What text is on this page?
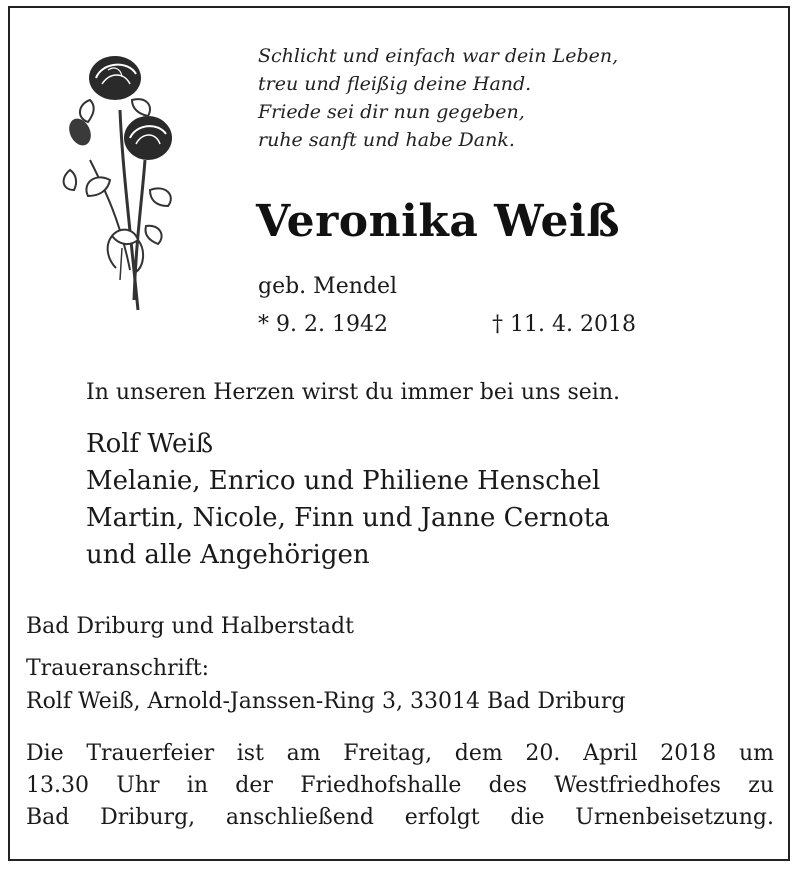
Schlicht und einfach war dein Leben,
treu und fleißig deine Hand.
Friede sei dir nun gegeben,
ruhe sanft und habe Dank.
Veronika Weiß
geb. Mendel
* 9. 2. 1942	† 11. 4. 2018
In unseren Herzen wirst du immer bei uns sein.
Rolf Weiß
Melanie, Enrico und Philiene Henschel
Martin, Nicole, Finn und Janne Cernota
und alle Angehörigen
Bad Driburg und Halberstadt
Traueranschrift:
Rolf Weiß, Arnold-Janssen-Ring 3, 33014 Bad Driburg
Die Trauerfeier ist am Freitag, dem 20. April 2018 um
13.30 Uhr in der Friedhofshalle des Westfriedhofes zu
Bad Driburg, anschließend erfolgt die Urnenbeisetzung.
